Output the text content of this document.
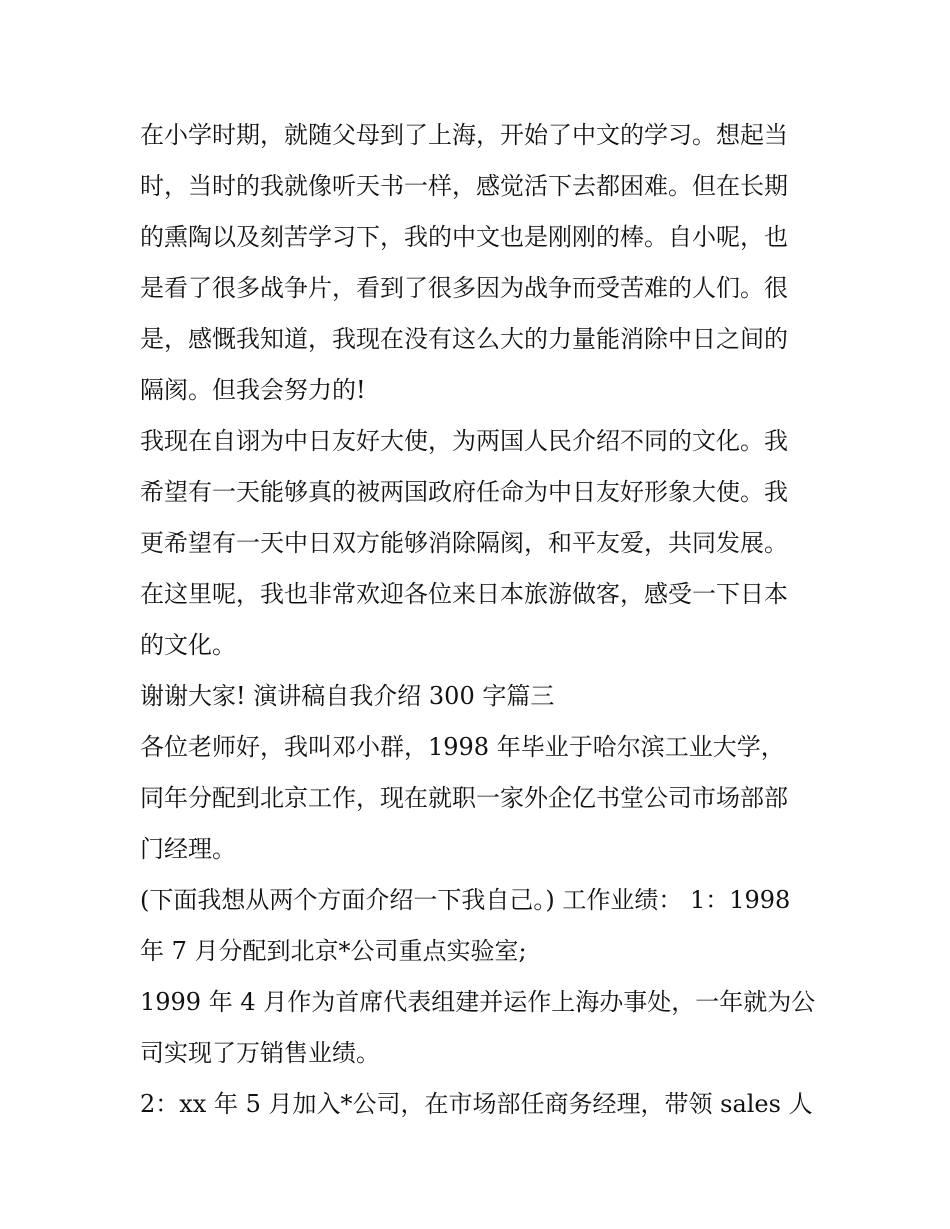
在小学时期，就随父母到了上海，开始了中文的学习。想起当
时，当时的我就像听天书一样，感觉活下去都困难。但在长期
的熏陶以及刻苦学习下，我的中文也是刚刚的棒。自小呢，也
是看了很多战争片，看到了很多因为战争而受苦难的人们。很
是，感慨我知道，我现在没有这么大的力量能消除中日之间的
隔阂。但我会努力的!
我现在自诩为中日友好大使，为两国人民介绍不同的文化。我
希望有一天能够真的被两国政府任命为中日友好形象大使。我
更希望有一天中日双方能够消除隔阂，和平友爱，共同发展。
在这里呢，我也非常欢迎各位来日本旅游做客，感受一下日本
的文化。
谢谢大家! 演讲稿自我介绍 300 字篇三
各位老师好，我叫邓小群，1998 年毕业于哈尔滨工业大学，
同年分配到北京工作，现在就职一家外企亿书堂公司市场部部
门经理。
(下面我想从两个方面介绍一下我自己。) 工作业绩： 1：1998
年 7 月分配到北京*公司重点实验室;
1999 年 4 月作为首席代表组建并运作上海办事处，一年就为公
司实现了万销售业绩。
2：xx 年 5 月加入*公司，在市场部任商务经理，带领 sales 人
